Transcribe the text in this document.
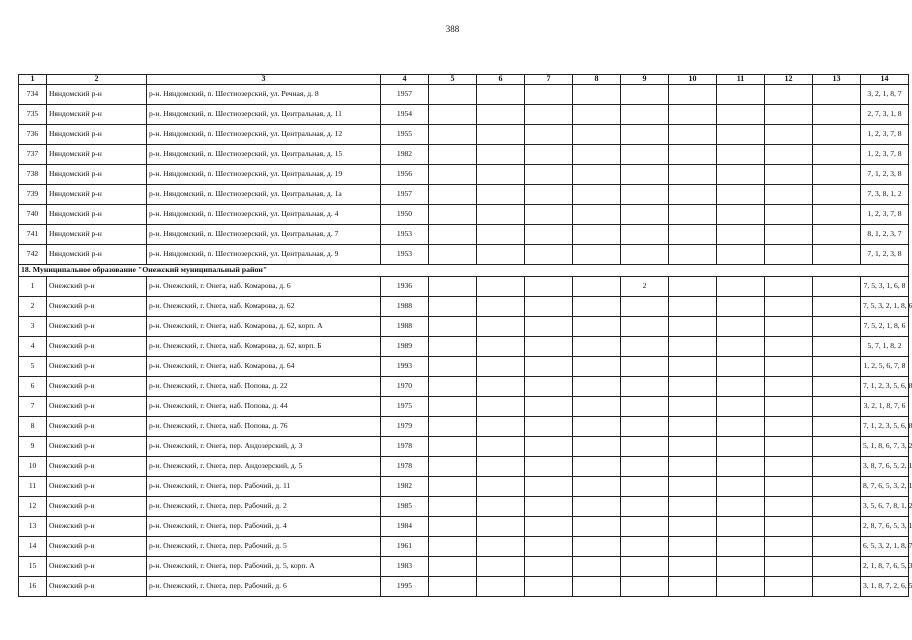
388
1	2	3	4	5	6	7	8	9	10	11	12	13	14
734	Няндомский р-н	р-н. Няндомский, п. Шестиозерский, ул. Речная, д. 8	1957										3, 2, 1, 8, 7
735	Няндомский р-н	р-н. Няндомский, п. Шестиозерский, ул. Центральная, д. 11	1954										2, 7, 3, 1, 8
736	Няндомский р-н	р-н. Няндомский, п. Шестиозерский, ул. Центральная, д. 12	1955										1, 2, 3, 7, 8
737	Няндомский р-н	р-н. Няндомский, п. Шестиозерский, ул. Центральная, д. 15	1982										1, 2, 3, 7, 8
738	Няндомский р-н	р-н. Няндомский, п. Шестиозерский, ул. Центральная, д. 19	1956										7, 1, 2, 3, 8
739	Няндомский р-н	р-н. Няндомский, п. Шестиозерский, ул. Центральная, д. 1а	1957										7, 3, 8, 1, 2
740	Няндомский р-н	р-н. Няндомский, п. Шестиозерский, ул. Центральная, д. 4	1950										1, 2, 3, 7, 8
741	Няндомский р-н	р-н. Няндомский, п. Шестиозерский, ул. Центральная, д. 7	1953										8, 1, 2, 3, 7
742	Няндомский р-н	р-н. Няндомский, п. Шестиозерский, ул. Центральная, д. 9	1953										7, 1, 2, 3, 8
18. Муниципальное образование "Онежский муниципальный район"													
1	Онежский р-н	р-н. Онежский, г. Онега, наб. Комарова, д. 6	1936					2					7, 5, 3, 1, 6, 8
2	Онежский р-н	р-н. Онежский, г. Онега, наб. Комарова, д. 62	1988										7, 5, 3, 2, 1, 8, 6
3	Онежский р-н	р-н. Онежский, г. Онега, наб. Комарова, д. 62, корп. А	1988										7, 5, 2, 1, 8, 6
4	Онежский р-н	р-н. Онежский, г. Онега, наб. Комарова, д. 62, корп. Б	1989										5, 7, 1, 8, 2
5	Онежский р-н	р-н. Онежский, г. Онега, наб. Комарова, д. 64	1993										1, 2, 5, 6, 7, 8
6	Онежский р-н	р-н. Онежский, г. Онега, наб. Попова, д. 22	1970										7, 1, 2, 3, 5, 6, 8
7	Онежский р-н	р-н. Онежский, г. Онега, наб. Попова, д. 44	1975										3, 2, 1, 8, 7, 6
8	Онежский р-н	р-н. Онежский, г. Онега, наб. Попова, д. 76	1979										7, 1, 2, 3, 5, 6, 8
9	Онежский р-н	р-н. Онежский, г. Онега, пер. Андозерский, д. 3	1978										5, 1, 8, 6, 7, 3, 2
10	Онежский р-н	р-н. Онежский, г. Онега, пер. Андозерский, д. 5	1978										3, 8, 7, 6, 5, 2, 1
11	Онежский р-н	р-н. Онежский, г. Онега, пер. Рабочий, д. 11	1982										8, 7, 6, 5, 3, 2, 1
12	Онежский р-н	р-н. Онежский, г. Онега, пер. Рабочий, д. 2	1985										3, 5, 6, 7, 8, 1, 2
13	Онежский р-н	р-н. Онежский, г. Онега, пер. Рабочий, д. 4	1984										2, 8, 7, 6, 5, 3, 1
14	Онежский р-н	р-н. Онежский, г. Онега, пер. Рабочий, д. 5	1961										6, 5, 3, 2, 1, 8, 7
15	Онежский р-н	р-н. Онежский, г. Онега, пер. Рабочий, д. 5, корп. А	1983										2, 1, 8, 7, 6, 5, 3
16	Онежский р-н	р-н. Онежский, г. Онега, пер. Рабочий, д. 6	1995										3, 1, 8, 7, 2, 6, 5
